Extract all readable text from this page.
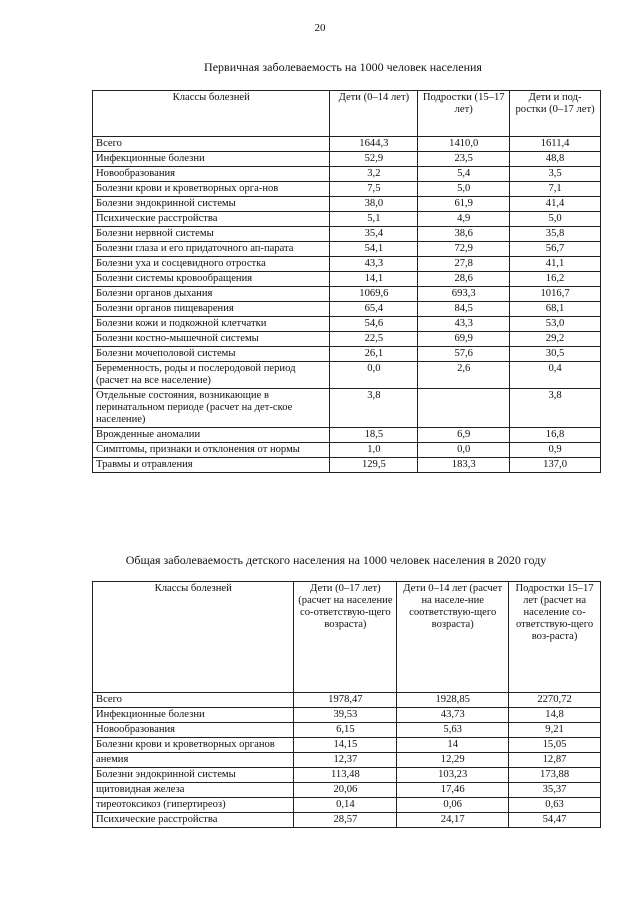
20
Первичная заболеваемость на 1000 человек населения
Классы болезней	Дети (0–14 лет)	Подростки (15–17 лет)	Дети и под-ростки (0–17 лет)
Всего	1644,3	1410,0	1611,4
Инфекционные болезни	52,9	23,5	48,8
Новообразования	3,2	5,4	3,5
Болезни крови и кроветворных орга-нов	7,5	5,0	7,1
Болезни эндокринной системы	38,0	61,9	41,4
Психические расстройства	5,1	4,9	5,0
Болезни нервной системы	35,4	38,6	35,8
Болезни глаза и его придаточного ап-парата	54,1	72,9	56,7
Болезни уха и сосцевидного отростка	43,3	27,8	41,1
Болезни системы кровообращения	14,1	28,6	16,2
Болезни органов дыхания	1069,6	693,3	1016,7
Болезни органов пищеварения	65,4	84,5	68,1
Болезни кожи и подкожной клетчатки	54,6	43,3	53,0
Болезни костно-мышечной системы	22,5	69,9	29,2
Болезни мочеполовой системы	26,1	57,6	30,5
Беременность, роды и послеродовой период (расчет на все население)	0,0	2,6	0,4
Отдельные состояния, возникающие в перинатальном периоде (расчет на дет-ское население)	3,8		3,8
Врожденные аномалии	18,5	6,9	16,8
Симптомы, признаки и отклонения от нормы	1,0	0,0	0,9
Травмы и отравления	129,5	183,3	137,0
Общая заболеваемость детского населения на 1000 человек населения в 2020 году
Классы болезней	Дети (0–17 лет) (расчет на население со-ответствую-щего возраста)	Дети 0–14 лет (расчет на населе-ние соответствую-щего возраста)	Подростки 15–17 лет (расчет на население со-ответствую-щего воз-раста)
Всего	1978,47	1928,85	2270,72
Инфекционные болезни	39,53	43,73	14,8
Новообразования	6,15	5,63	9,21
Болезни крови и кроветворных органов	14,15	14	15,05
анемия	12,37	12,29	12,87
Болезни эндокринной системы	113,48	103,23	173,88
щитовидная железа	20,06	17,46	35,37
тиреотоксикоз (гипертиреоз)	0,14	0,06	0,63
Психические расстройства	28,57	24,17	54,47
